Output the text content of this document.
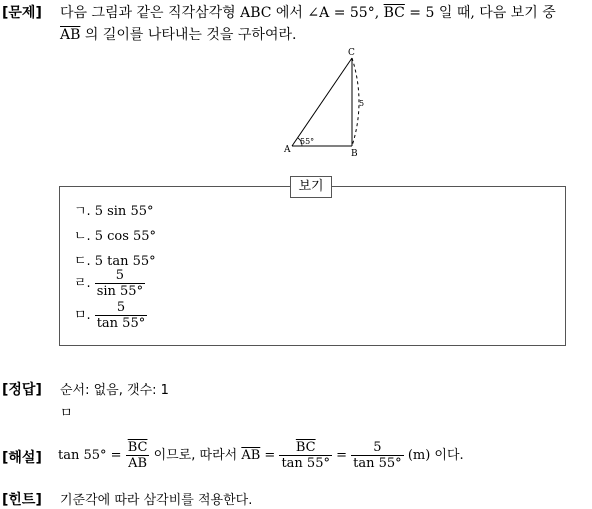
[문제] 다음 그림과 같은 직각삼각형 ABC 에서 ∠A = 55°, $\overline{BC} = 5$ 일 때, 다음 보기 중
$\overline{AB}$ 의 길이를 나타내는 것을 구하여라.
A	B
C
55°
5
보기
ㄱ. 5 sin 55°
ㄴ. 5 cos 55°
ㄷ. 5 tan 55°
ㄹ. $\frac{5}{\sin 55^\circ}$
ㅁ. $\frac{5}{\tan 55^\circ}$
[정답] 순서: 없음, 갯수: 1
ㅁ
[해설] $\tan 55^\circ = \frac{\overline{BC}}{AB}$ 이므로, 따라서 $\overline{AB} = \frac{\overline{BC}}{\tan 55^\circ} = \frac{5}{\tan 55^\circ} (m)$ 이다.
[힌트] 기준각에 따라 삼각비를 적용한다.
